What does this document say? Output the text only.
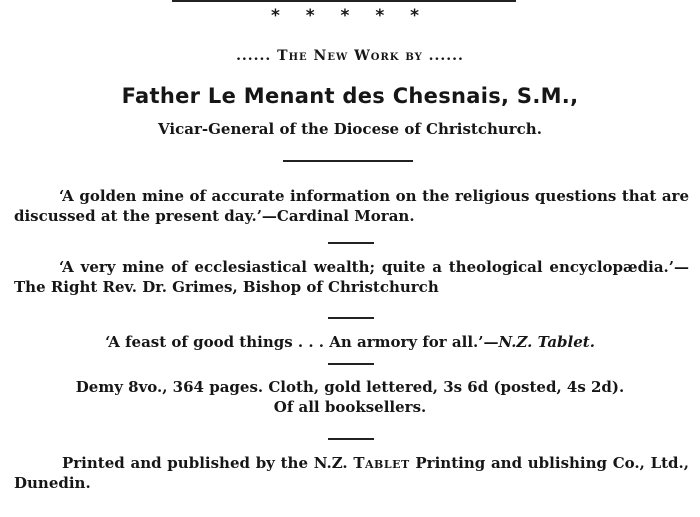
* * * * *
...... The New Work by ......
Father Le Menant des Chesnais, S.M.,
Vicar-General of the Diocese of Christchurch.
‘A golden mine of accurate information on the religious questions that are discussed at the present day.’—Cardinal Moran.
‘A very mine of ecclesiastical wealth; quite a theological encyclopædia.’—The Right Rev. Dr. Grimes, Bishop of Christchurch
‘A feast of good things . . . An armory for all.’—N.Z. Tablet.
Demy 8vo., 364 pages. Cloth, gold lettered, 3s 6d (posted, 4s 2d).
Of all booksellers.
Printed and published by the N.Z. Tablet Printing and ublishing Co., Ltd., Dunedin.
